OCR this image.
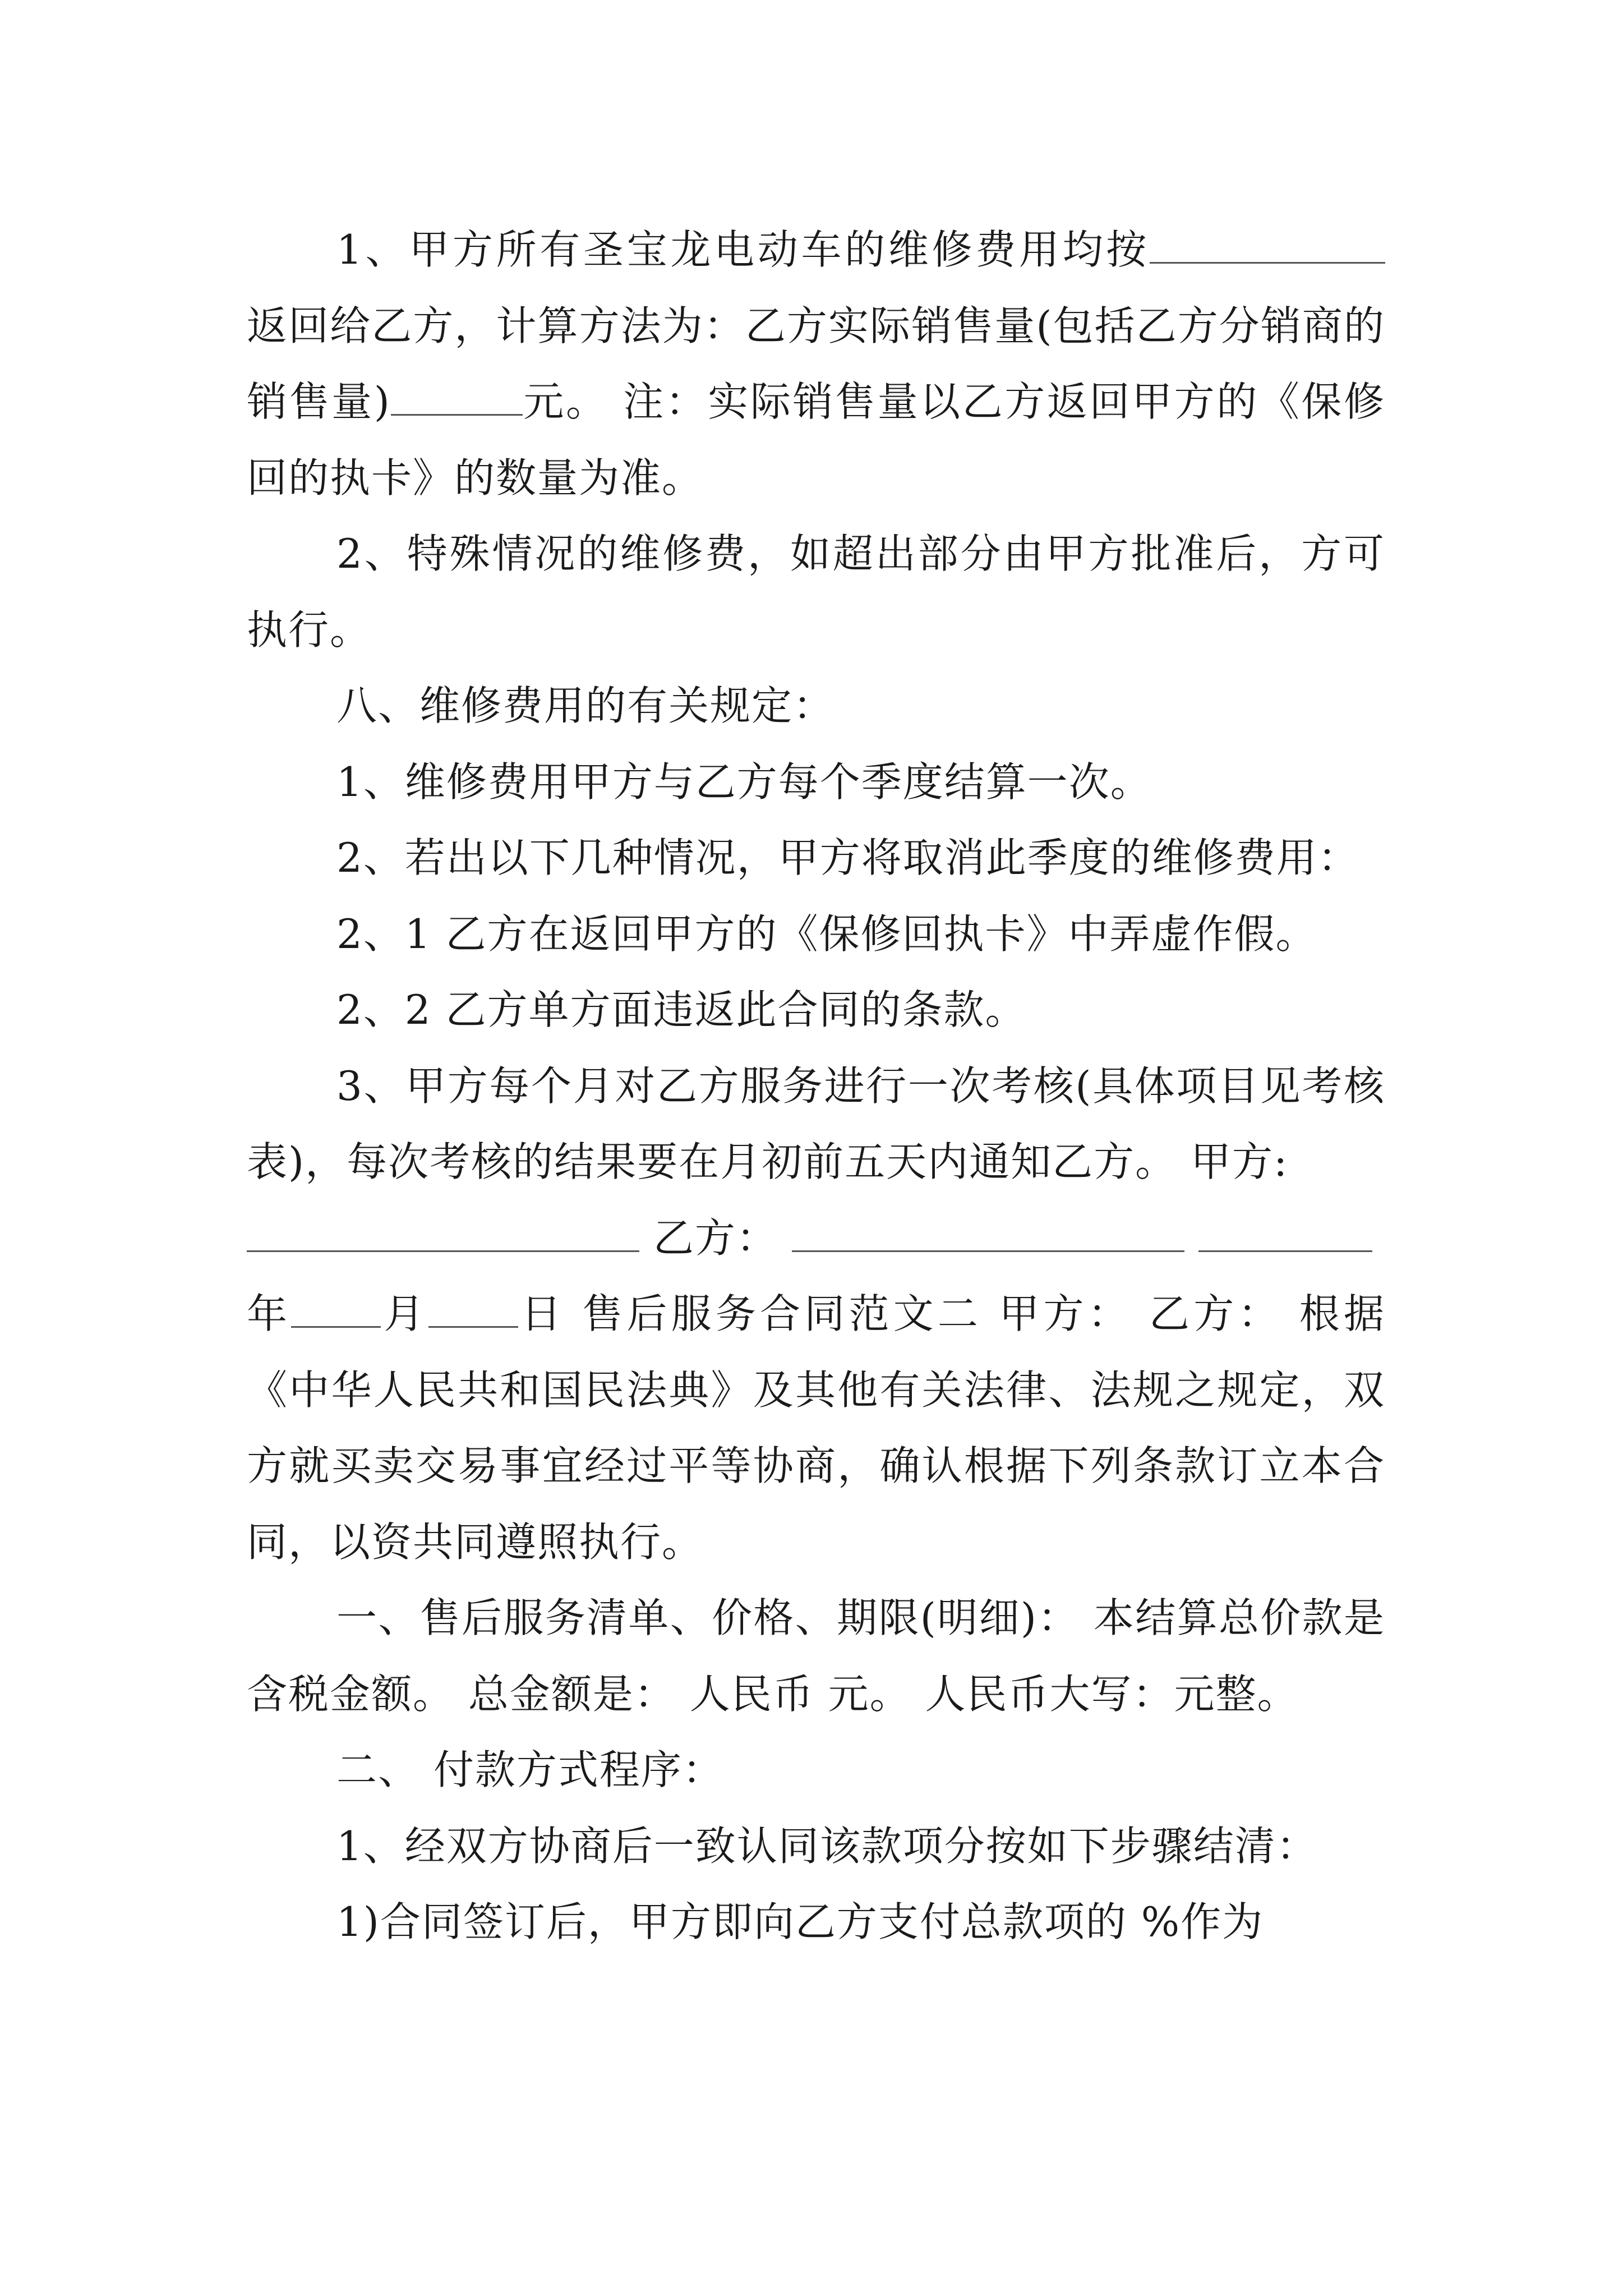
1、甲方所有圣宝龙电动车的维修费用均按返回给乙方，计算方法为：乙方实际销售量(包括乙方分销商的销售量)	元。 注：实际销售量以乙方返回甲方的《保修回的执卡》的数量为准。

2、特殊情况的维修费，如超出部分由甲方批准后，方可执行。

八、维修费用的有关规定：

1、维修费用甲方与乙方每个季度结算一次。

2、若出以下几种情况，甲方将取消此季度的维修费用：

2、1 乙方在返回甲方的《保修回执卡》中弄虚作假。

2、2 乙方单方面违返此合同的条款。

3、甲方每个月对乙方服务进行一次考核(具体项目见考核表)，每次考核的结果要在月初前五天内通知乙方。 甲方:
乙方：
年 月 日 售后服务合同范文二 甲方： 乙方： 根据《中华人民共和国民法典》及其他有关法律、法规之规定，双方就买卖交易事宜经过平等协商，确认根据下列条款订立本合同，以资共同遵照执行。

一、售后服务清单、价格、期限(明细)： 本结算总价款是含税金额。 总金额是： 人民币 元。 人民币大写：元整。

二、 付款方式程序：

1、经双方协商后一致认同该款项分按如下步骤结清：

1)合同签订后，甲方即向乙方支付总款项的 %作为
